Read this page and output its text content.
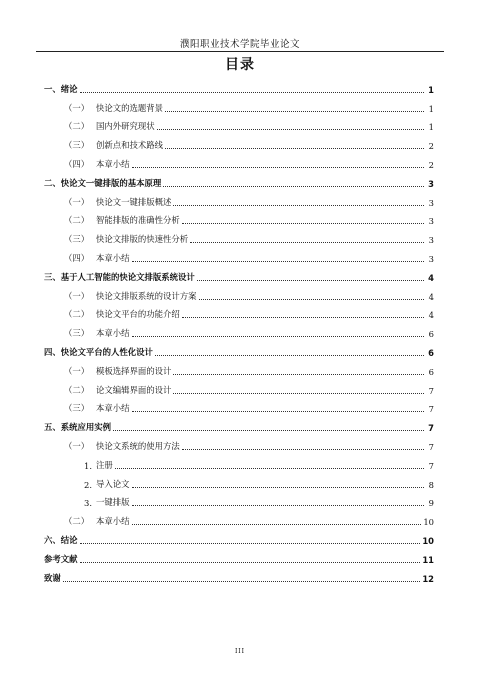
濮阳职业技术学院毕业论文
目录
一、 绪论	1
（一） 快论文的选题背景	1
（二） 国内外研究现状	1
（三） 创新点和技术路线	2
（四） 本章小结	2
二、 快论文一键排版的基本原理	3
（一） 快论文一键排版概述	3
（二） 智能排版的准确性分析	3
（三） 快论文排版的快速性分析	3
（四） 本章小结	3
三、 基于人工智能的快论文排版系统设计	4
（一） 快论文排版系统的设计方案	4
（二） 快论文平台的功能介绍	4
（三） 本章小结	6
四、 快论文平台的人性化设计	6
（一） 模板选择界面的设计	6
（二） 论文编辑界面的设计	7
（三） 本章小结	7
五、 系统应用实例	7
（一） 快论文系统的使用方法	7
1. 注册	7
2. 导入论文	8
3. 一键排版	9
（二） 本章小结	10
六、 结论	10
参考文献	11
致谢	12
III
